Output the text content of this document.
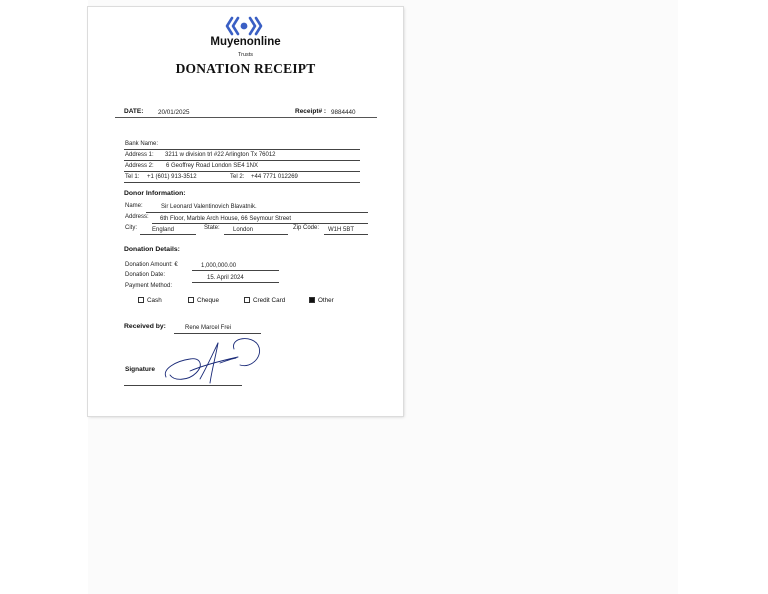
Muyenonline
Trusts
DONATION RECEIPT
DATE: 20/01/2025	Receipt# : 9884440
Bank Name:
Address 1: 3211 w division trl #22 Arlington Tx 76012
Address 2: 6 Geoffrey Road London SE4 1NX
Tel 1: +1 (601) 913-3512	Tel 2: +44 7771 012269
Donor Information:
Name:	Sir Leonard Valentinovich Blavatnik.
Address: 6th Floor, Marble Arch House, 66 Seymour Street
City:	England	State: London	Zip Code: W1H 5BT
Donation Details:
Donation Amount: €	1,000,000.00
Donation Date:	15. April 2024
Payment Method:
Cash	Cheque	Credit Card	Other
Received by:	Rene Marcel Frei
Signature
